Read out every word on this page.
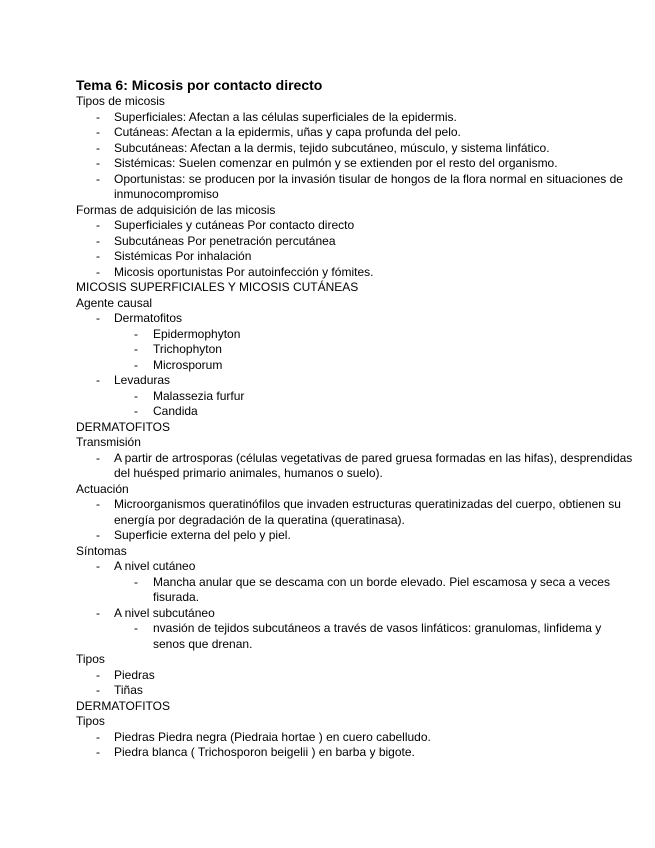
Tema 6: Micosis por contacto directo
Tipos de micosis
- Superficiales: Afectan a las células superficiales de la epidermis.
- Cutáneas: Afectan a la epidermis, uñas y capa profunda del pelo.
- Subcutáneas: Afectan a la dermis, tejido subcutáneo, músculo, y sistema linfático.
- Sistémicas: Suelen comenzar en pulmón y se extienden por el resto del organismo.
- Oportunistas: se producen por la invasión tisular de hongos de la flora normal en situaciones de inmunocompromiso
Formas de adquisición de las micosis
- Superficiales y cutáneas Por contacto directo
- Subcutáneas Por penetración percutánea
- Sistémicas Por inhalación
- Micosis oportunistas Por autoinfección y fómites.
MICOSIS SUPERFICIALES Y MICOSIS CUTÁNEAS
Agente causal
- Dermatofitos
- Epidermophyton
- Trichophyton
- Microsporum
- Levaduras
- Malassezia furfur
- Candida
DERMATOFITOS
Transmisión
- A partir de artrosporas (células vegetativas de pared gruesa formadas en las hifas), desprendidas del huésped primario animales, humanos o suelo).
Actuación
- Microorganismos queratinófilos que invaden estructuras queratinizadas del cuerpo, obtienen su energía por degradación de la queratina (queratinasa).
- Superficie externa del pelo y piel.
Síntomas
- A nivel cutáneo
- Mancha anular que se descama con un borde elevado. Piel escamosa y seca a veces fisurada.
- A nivel subcutáneo
- nvasión de tejidos subcutáneos a través de vasos linfáticos: granulomas, linfidema y senos que drenan.
Tipos
- Piedras
- Tiñas
DERMATOFITOS
Tipos
- Piedras Piedra negra (Piedraia hortae ) en cuero cabelludo.
- Piedra blanca ( Trichosporon beigelii ) en barba y bigote.
